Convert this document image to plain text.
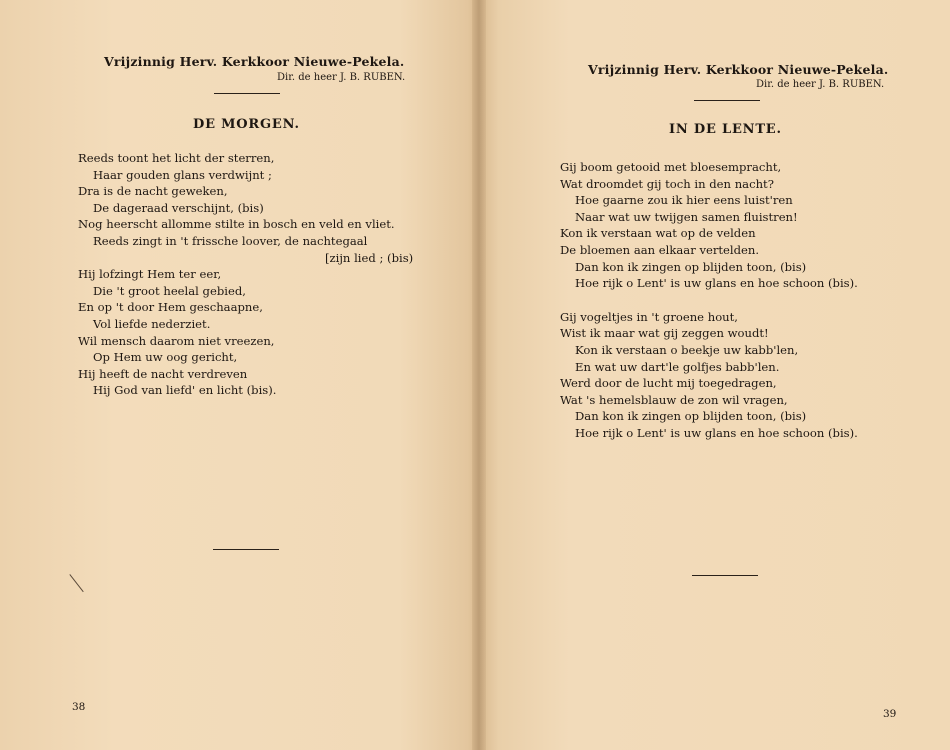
Vrijzinnig Herv. Kerkkoor Nieuwe-Pekela.
Dir. de heer J. B. RUBEN.
DE MORGEN.
Reeds toont het licht der sterren,
Haar gouden glans verdwijnt ;
Dra is de nacht geweken,
De dageraad verschijnt, (bis)
Nog heerscht allomme stilte in bosch en veld en vliet.
Reeds zingt in 't frissche loover, de nachtegaal
[zijn lied ; (bis)
Hij lofzingt Hem ter eer,
Die 't groot heelal gebied,
En op 't door Hem geschaapne,
Vol liefde nederziet.
Wil mensch daarom niet vreezen,
Op Hem uw oog gericht,
Hij heeft de nacht verdreven
Hij God van liefd' en licht (bis).
38
Vrijzinnig Herv. Kerkkoor Nieuwe-Pekela.
Dir. de heer J. B. RUBEN.
IN DE LENTE.
Gij boom getooid met bloesempracht,
Wat droomdet gij toch in den nacht?
Hoe gaarne zou ik hier eens luist'ren
Naar wat uw twijgen samen fluistren!
Kon ik verstaan wat op de velden
De bloemen aan elkaar vertelden.
Dan kon ik zingen op blijden toon, (bis)
Hoe rijk o Lent' is uw glans en hoe schoon (bis).
Gij vogeltjes in 't groene hout,
Wist ik maar wat gij zeggen woudt!
Kon ik verstaan o beekje uw kabb'len,
En wat uw dart'le golfjes babb'len.
Werd door de lucht mij toegedragen,
Wat 's hemelsblauw de zon wil vragen,
Dan kon ik zingen op blijden toon, (bis)
Hoe rijk o Lent' is uw glans en hoe schoon (bis).
39
